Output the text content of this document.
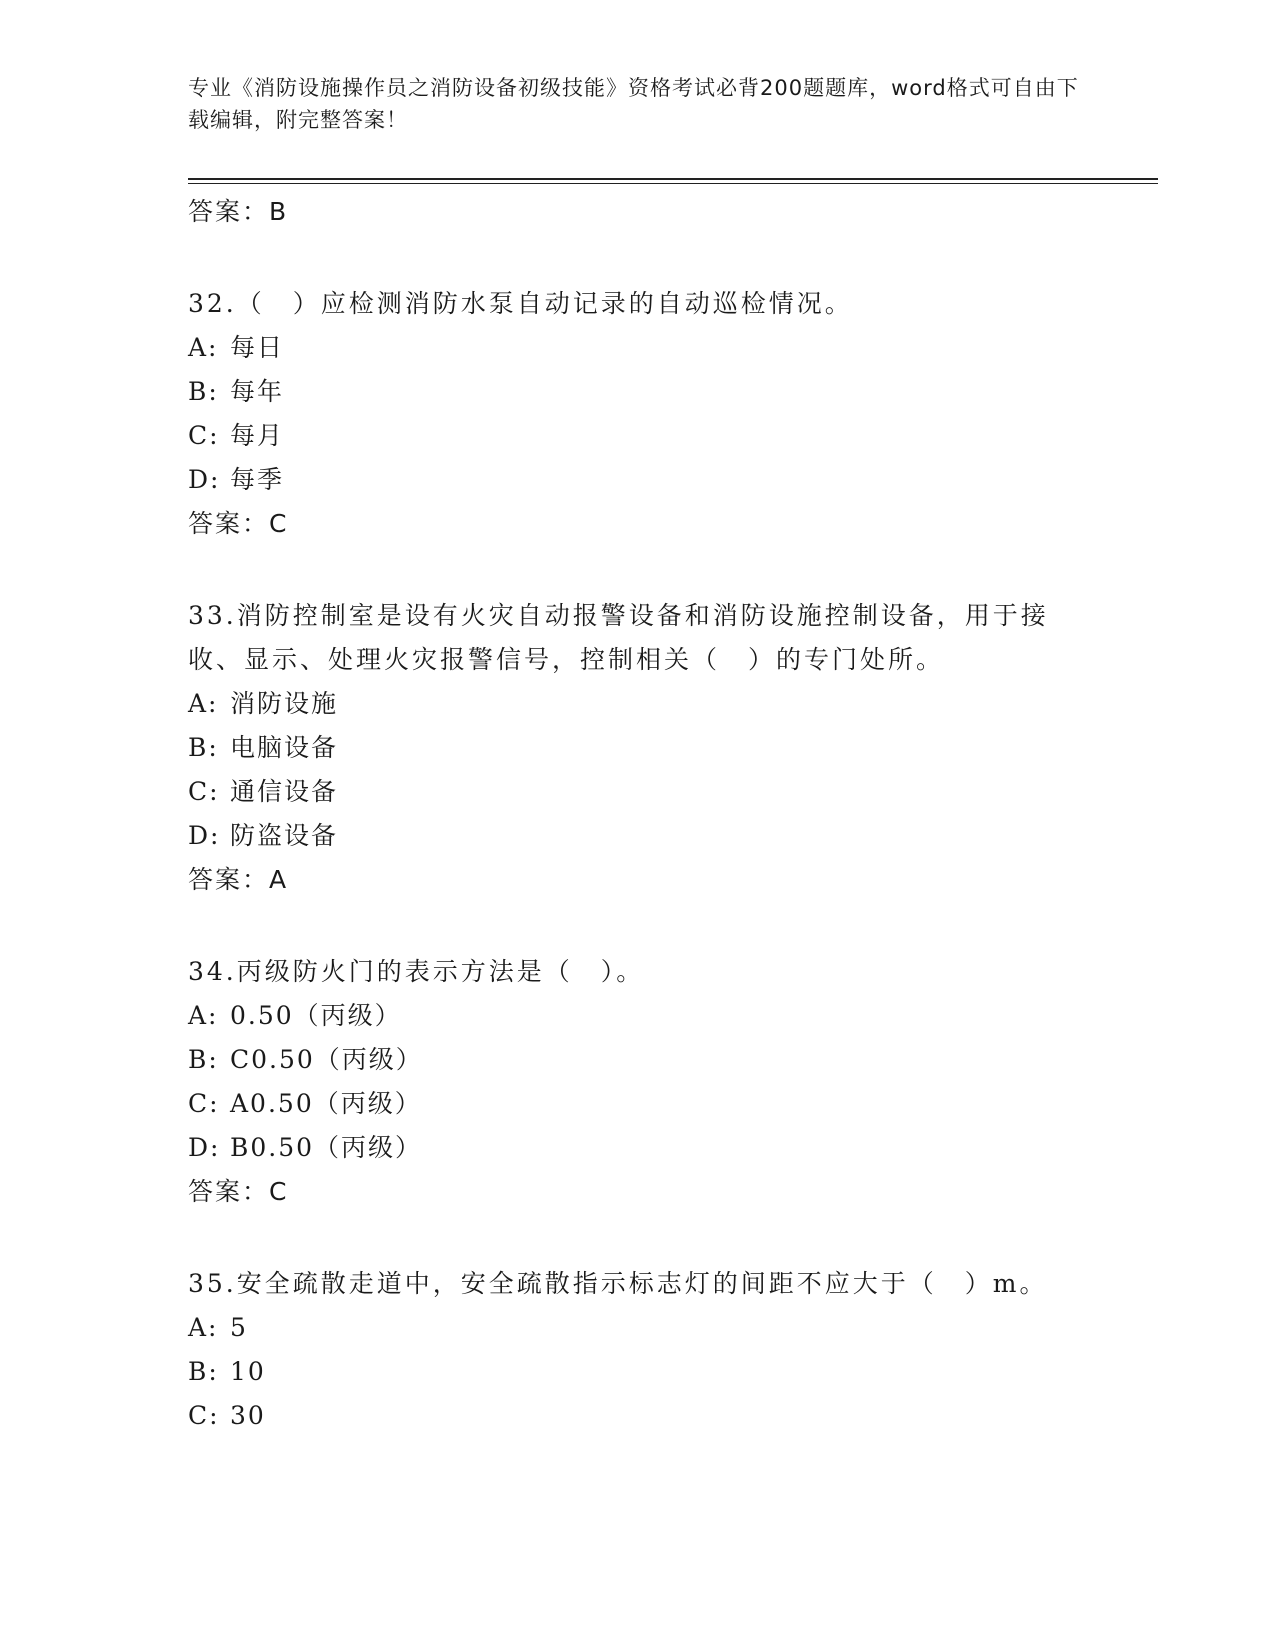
专业《消防设施操作员之消防设备初级技能》资格考试必背200题题库，word格式可自由下载编辑，附完整答案！
答案：B
32.（　）应检测消防水泵自动记录的自动巡检情况。
A: 每日
B: 每年
C: 每月
D: 每季
答案：C
33.消防控制室是设有火灾自动报警设备和消防设施控制设备，用于接收、显示、处理火灾报警信号，控制相关（　）的专门处所。
A: 消防设施
B: 电脑设备
C: 通信设备
D: 防盗设备
答案：A
34.丙级防火门的表示方法是（　）。
A: 0.50（丙级）
B: C0.50（丙级）
C: A0.50（丙级）
D: B0.50（丙级）
答案：C
35.安全疏散走道中，安全疏散指示标志灯的间距不应大于（　）m。
A: 5
B: 10
C: 30
